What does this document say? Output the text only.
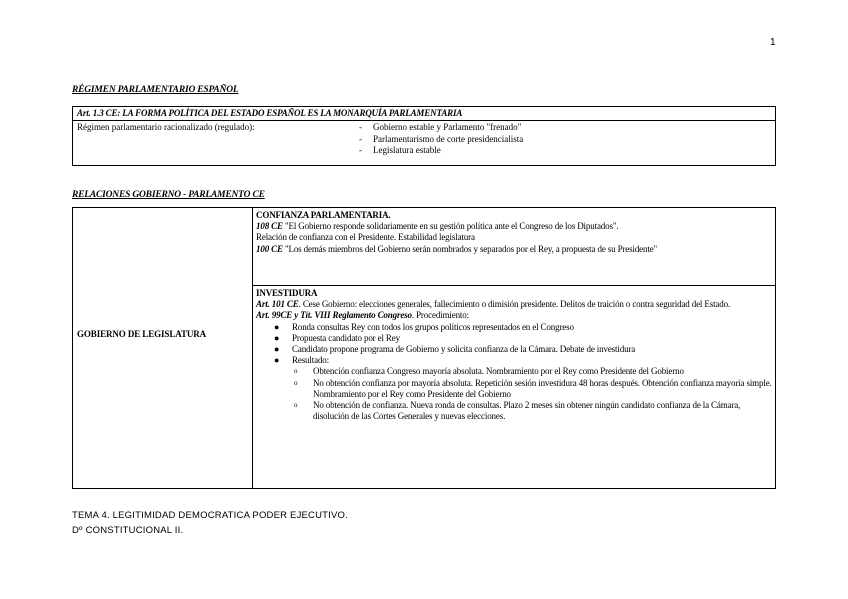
1
RÉGIMEN PARLAMENTARIO ESPAÑOL
Art. 1.3 CE: LA FORMA POLÍTICA DEL ESTADO ESPAÑOL ES LA MONARQUÍA PARLAMENTARIA
Régimen parlamentario racionalizado (regulado):	- Gobierno estable y Parlamento "frenado"
- Parlamentarismo de corte presidencialista
- Legislatura estable
RELACIONES GOBIERNO - PARLAMENTO CE
GOBIERNO DE LEGISLATURA
CONFIANZA PARLAMENTARIA.
108 CE "El Gobierno responde solidariamente en su gestión política ante el Congreso de los Diputados".
Relación de confianza con el Presidente. Estabilidad legislatura
100 CE "Los demás miembros del Gobierno serán nombrados y separados por el Rey, a propuesta de su Presidente"
INVESTIDURA
Art. 101 CE. Cese Gobierno: elecciones generales, fallecimiento o dimisión presidente. Delitos de traición o contra seguridad del Estado.
Art. 99CE y Tít. VIII Reglamento Congreso. Procedimiento:
● Ronda consultas Rey con todos los grupos políticos representados en el Congreso
● Propuesta candidato por el Rey
● Candidato propone programa de Gobierno y solicita confianza de la Cámara. Debate de investidura
● Resultado:
o Obtención confianza Congreso mayoría absoluta. Nombramiento por el Rey como Presidente del Gobierno
o No obtención confianza por mayoría absoluta. Repetición sesión investidura 48 horas después. Obtención confianza mayoría simple. Nombramiento por el Rey como Presidente del Gobierno
o No obtención de confianza. Nueva ronda de consultas. Plazo 2 meses sin obtener ningún candidato confianza de la Cámara, disolución de las Cortes Generales y nuevas elecciones.
TEMA 4. LEGITIMIDAD DEMOCRATICA PODER EJECUTIVO.
Dº CONSTITUCIONAL II.
